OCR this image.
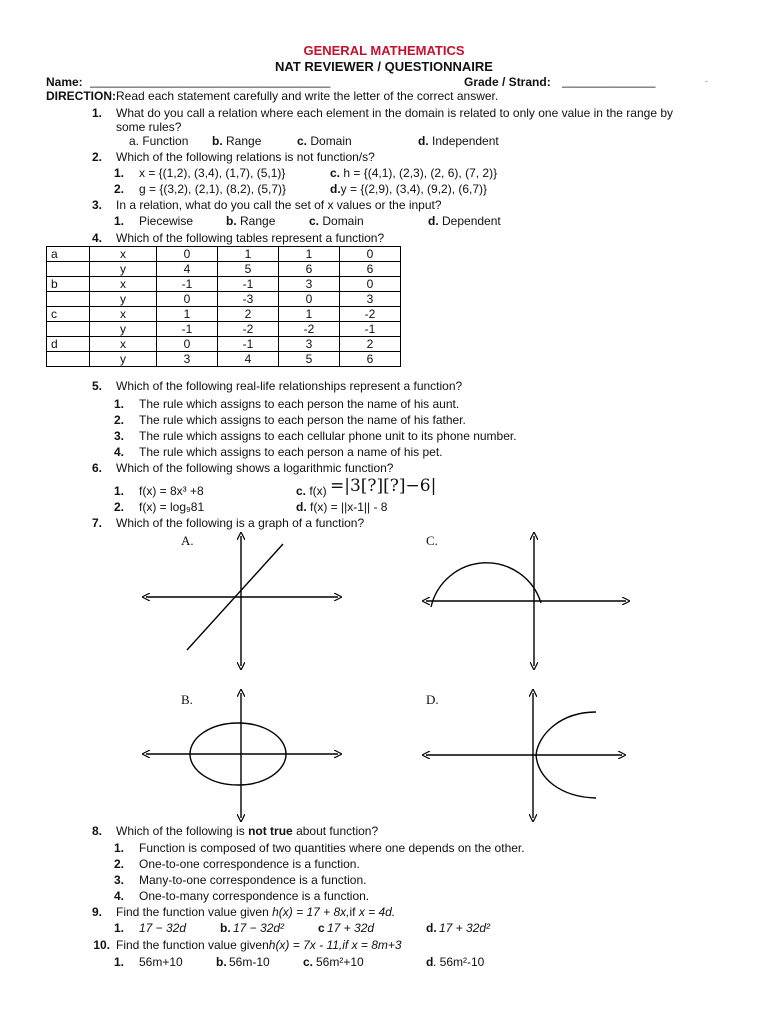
GENERAL MATHEMATICS
NAT REVIEWER / QUESTIONNAIRE
Name: ____________________________________	Grade / Strand: ______________	-
DIRECTION:Read each statement carefully and write the letter of the correct answer.
1. What do you call a relation where each element in the domain is related to only one value in the range by
some rules?
a. Function b. Range	c. Domain	d. Independent
2. Which of the following relations is not function/s?
1. x = {(1,2), (3,4), (1,7), (5,1)}	c. h = {(4,1), (2,3), (2, 6), (7, 2)}
2. g = {(3,2), (2,1), (8,2), (5,7)}	d.y = {(2,9), (3,4), (9,2), (6,7)}
3. In a relation, what do you call the set of x values or the input?
1. Piecewise	b. Range	c. Domain	d. Dependent
4. Which of the following tables represent a function?
a	x	0	1	1	0
	y	4	5	6	6
b	x	-1	-1	3	0
	y	0	-3	0	3
c	x	1	2	1	-2
	y	-1	-2	-2	-1
d	x	0	-1	3	2
	y	3	4	5	6
5. Which of the following real-life relationships represent a function?
1. The rule which assigns to each person the name of his aunt.
2. The rule which assigns to each person the name of his father.
3. The rule which assigns to each cellular phone unit to its phone number.
4. The rule which assigns to each person a name of his pet.
6. Which of the following shows a logarithmic function?
1. f(x) = 8x³ +8	c. f(x) =|3[?][?]−6|
2. f(x) = log₉81	d. f(x) = ||x-1|| - 8
7. Which of the following is a graph of a function?
A.	C.
B.	D.
8. Which of the following is not true about function?
1. Function is composed of two quantities where one depends on the other.
2. One-to-one correspondence is a function.
3. Many-to-one correspondence is a function.
4. One-to-many correspondence is a function.
9. Find the function value given h(x) = 17 + 8x,if x = 4d.
1. 17 − 32d	b. 17 − 32d²	c 17 + 32d	d. 17 + 32d²
10. Find the function value givenh(x) = 7x - 11,if x = 8m+3
1. 56m+10	b. 56m-10	c. 56m²+10	d . 56m²-10
